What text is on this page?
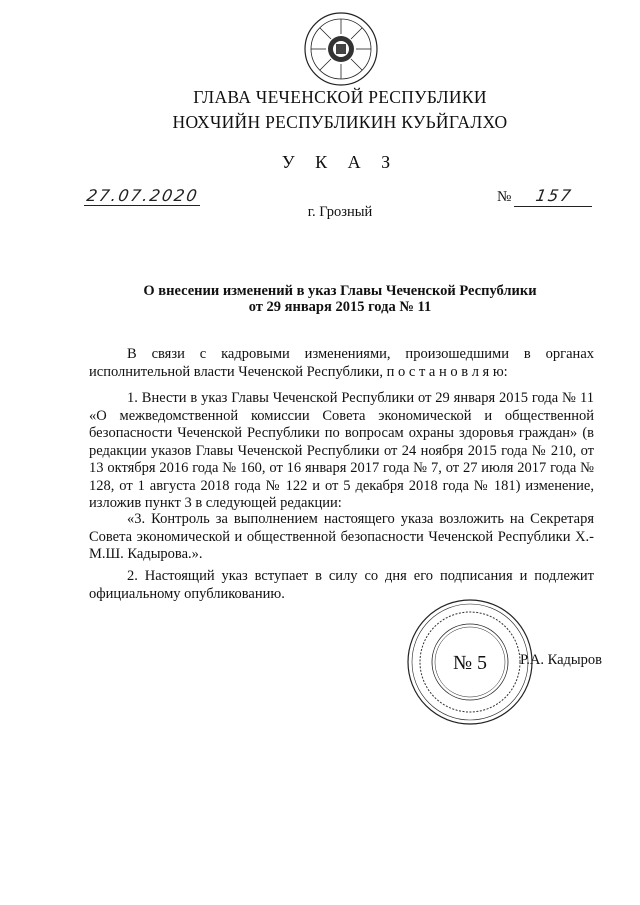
ГЛАВА ЧЕЧЕНСКОЙ РЕСПУБЛИКИ
НОХЧИЙН РЕСПУБЛИКИН КУЬЙГАЛХО
У К А З
27.07.2020	№ 157
г. Грозный
О внесении изменений в указ Главы Чеченской Республики
от 29 января 2015 года № 11

В связи с кадровыми изменениями, произошедшими в органах исполнительной власти Чеченской Республики, п о с т а н о в л я ю:

1. Внести в указ Главы Чеченской Республики от 29 января 2015 года № 11 «О межведомственной комиссии Совета экономической и общественной безопасности Чеченской Республики по вопросам охраны здоровья граждан» (в редакции указов Главы Чеченской Республики от 24 ноября 2015 года № 210, от 13 октября 2016 года № 160, от 16 января 2017 года № 7, от 27 июля 2017 года № 128, от 1 августа 2018 года № 122 и от 5 декабря 2018 года № 181) изменение, изложив пункт 3 в следующей редакции:

«3. Контроль за выполнением настоящего указа возложить на Секретаря Совета экономической и общественной безопасности Чеченской Республики Х.-М.Ш. Кадырова.».

2. Настоящий указ вступает в силу со дня его подписания и подлежит официальному опубликованию.

Р.А. Кадыров
№ 5
